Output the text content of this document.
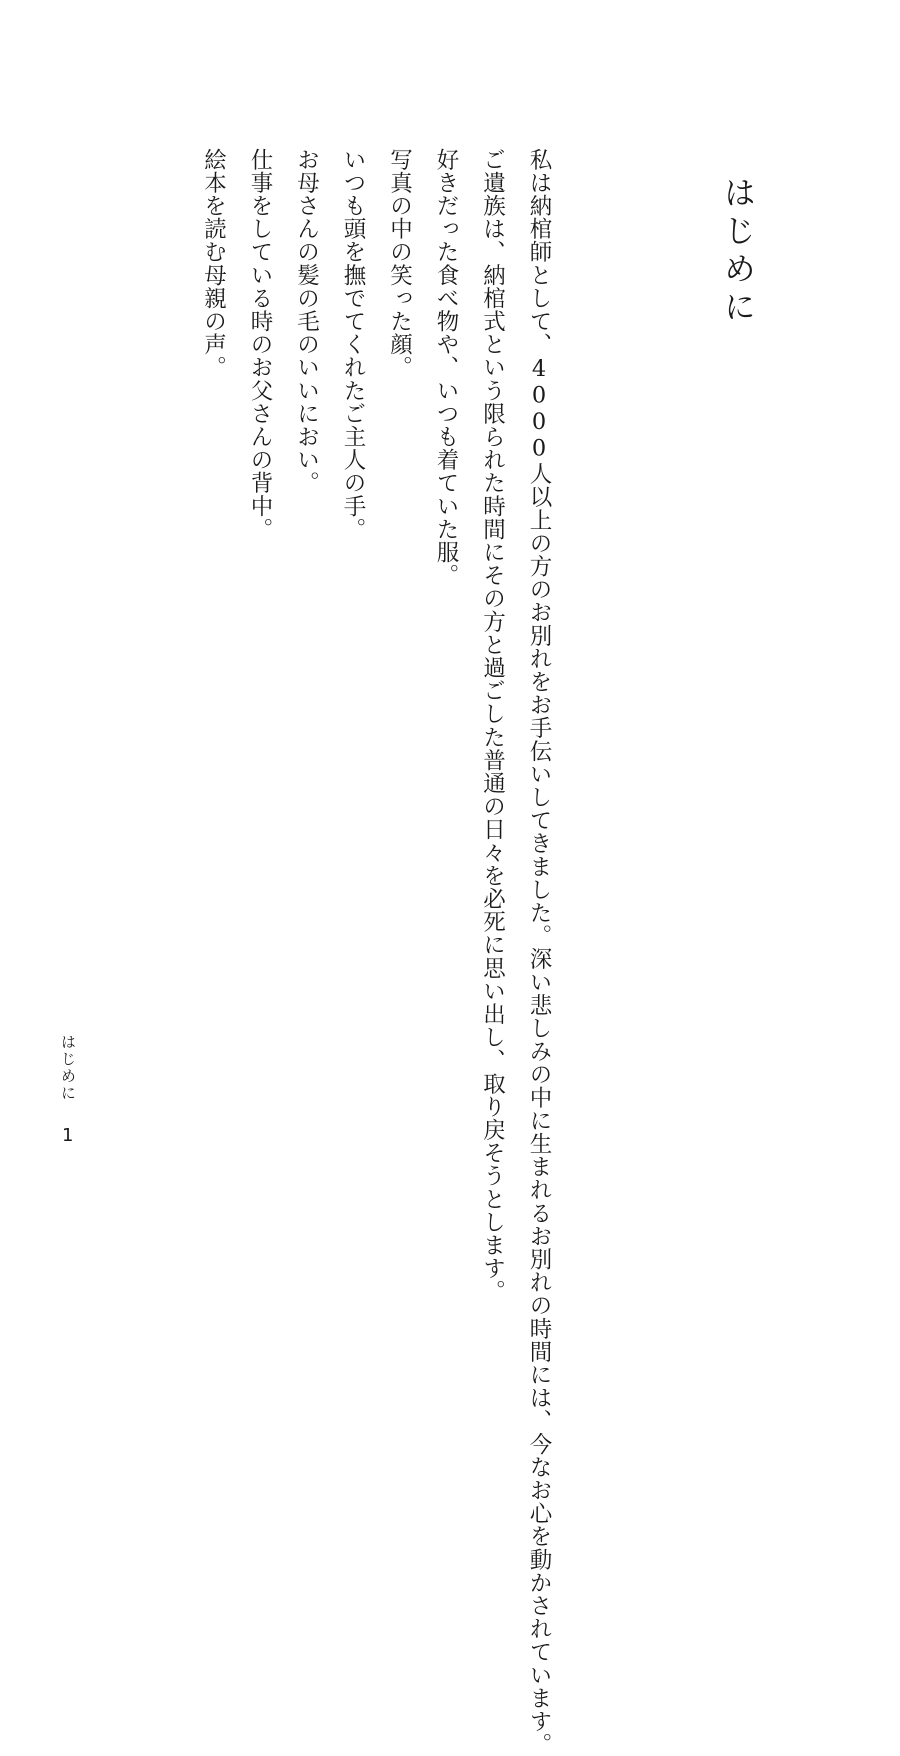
はじめに

私は納棺師として、4000人以上の方のお別れをお手伝いしてきました。深い悲しみの中に生まれるお別れの時間には、今なお心を動かされています。

ご遺族は、納棺式という限られた時間にその方と過ごした普通の日々を必死に思い出し、取り戻そうとします。

好きだった食べ物や、いつも着ていた服。

写真の中の笑った顔。

いつも頭を撫でてくれたご主人の手。

お母さんの髪の毛のいいにおい。

仕事をしている時のお父さんの背中。

絵本を読む母親の声。

はじめに
1
